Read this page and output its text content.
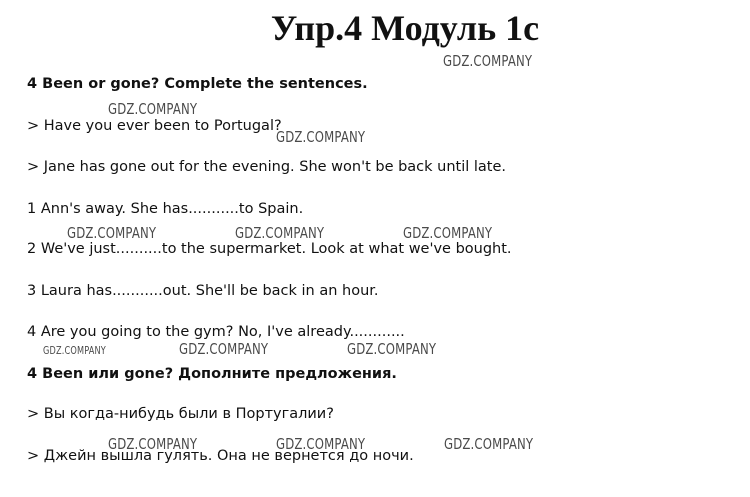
Упр.4 Модуль 1с
4 Been or gone? Complete the sentences.
> Have you ever been to Portugal?
> Jane has gone out for the evening. She won't be back until late.
1 Ann's away. She has...........to Spain.
2 We've just..........to the supermarket. Look at what we've bought.
3 Laura has...........out. She'll be back in an hour.
4 Are you going to the gym? No, I've already............
4 Been или gone? Дополните предложения.
> Вы когда-нибудь были в Португалии?
> Джейн вышла гулять. Она не вернется до ночи.
GDZ.COMPANY
GDZ.COMPANY
GDZ.COMPANY
GDZ.COMPANY	GDZ.COMPANY	GDZ.COMPANY
GDZ.COMPANY	GDZ.COMPANY	GDZ.COMPANY
GDZ.COMPANY	GDZ.COMPANY	GDZ.COMPANY
